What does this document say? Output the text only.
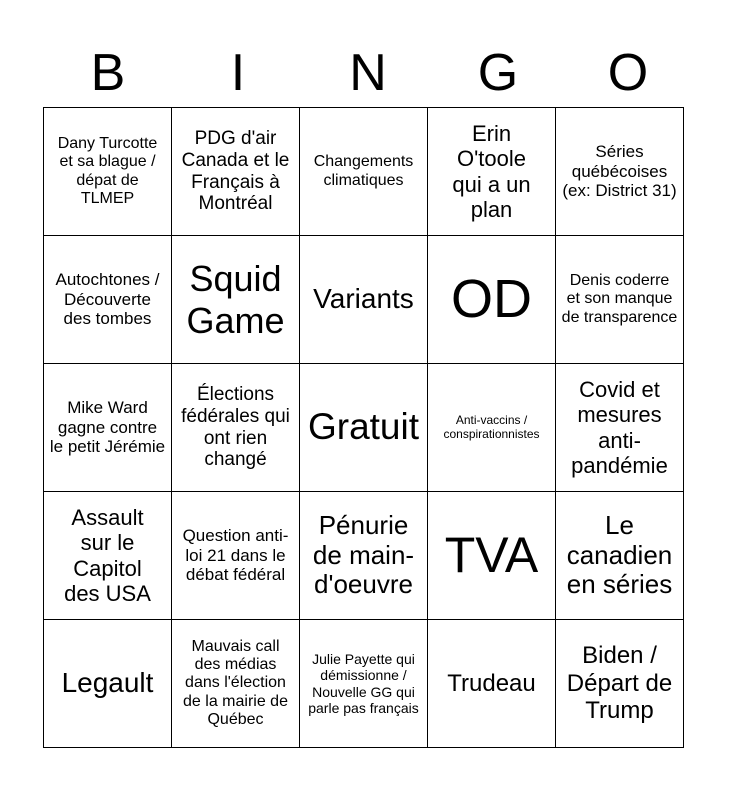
B	I	N	G	O
Dany Turcotte et sa blague / dépat de TLMEP	PDG d'air Canada et le Français à Montréal	Changements climatiques	Erin O'toole qui a un plan	Séries québécoises (ex: District 31)

Autochtones / Découverte des tombes	Squid Game	Variants	OD	Denis coderre et son manque de transparence

Mike Ward gagne contre le petit Jérémie	Élections fédérales qui ont rien changé	Gratuit	Anti-vaccins / conspirationnistes	Covid et mesures anti-pandémie

Assault sur le Capitol des USA	Question anti-loi 21 dans le débat fédéral	Pénurie de main-d'oeuvre	TVA	Le canadien en séries

Legault	Mauvais call des médias dans l'élection de la mairie de Québec	Julie Payette qui démissionne / Nouvelle GG qui parle pas français	Trudeau	Biden / Départ de Trump
